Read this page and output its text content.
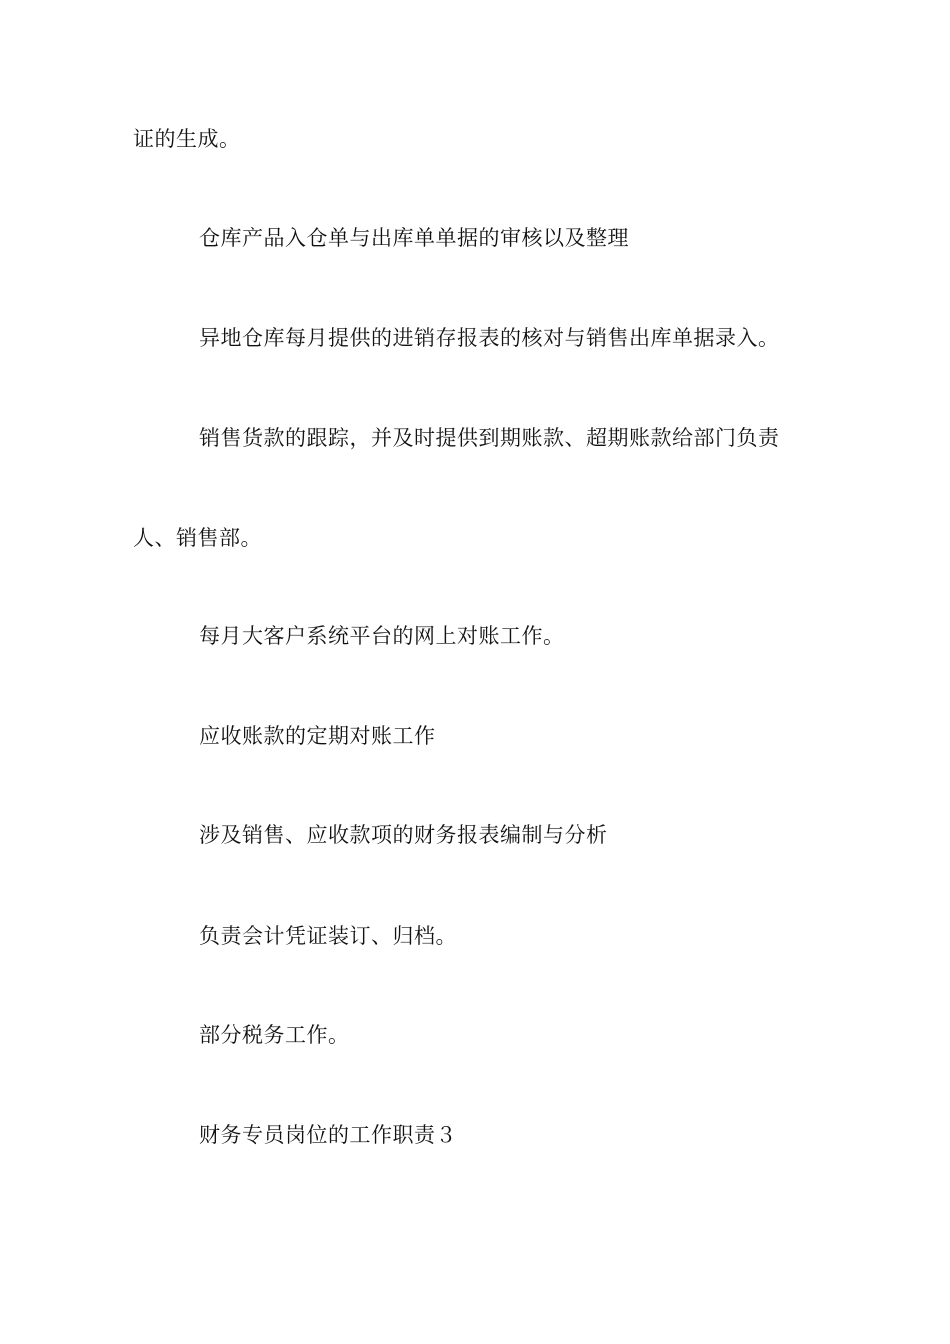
证的生成。
仓库产品入仓单与出库单单据的审核以及整理
异地仓库每月提供的进销存报表的核对与销售出库单据录入。
销售货款的跟踪，并及时提供到期账款、超期账款给部门负责
人、销售部。
每月大客户系统平台的网上对账工作。
应收账款的定期对账工作
涉及销售、应收款项的财务报表编制与分析
负责会计凭证装订、归档。
部分税务工作。
财务专员岗位的工作职责３
